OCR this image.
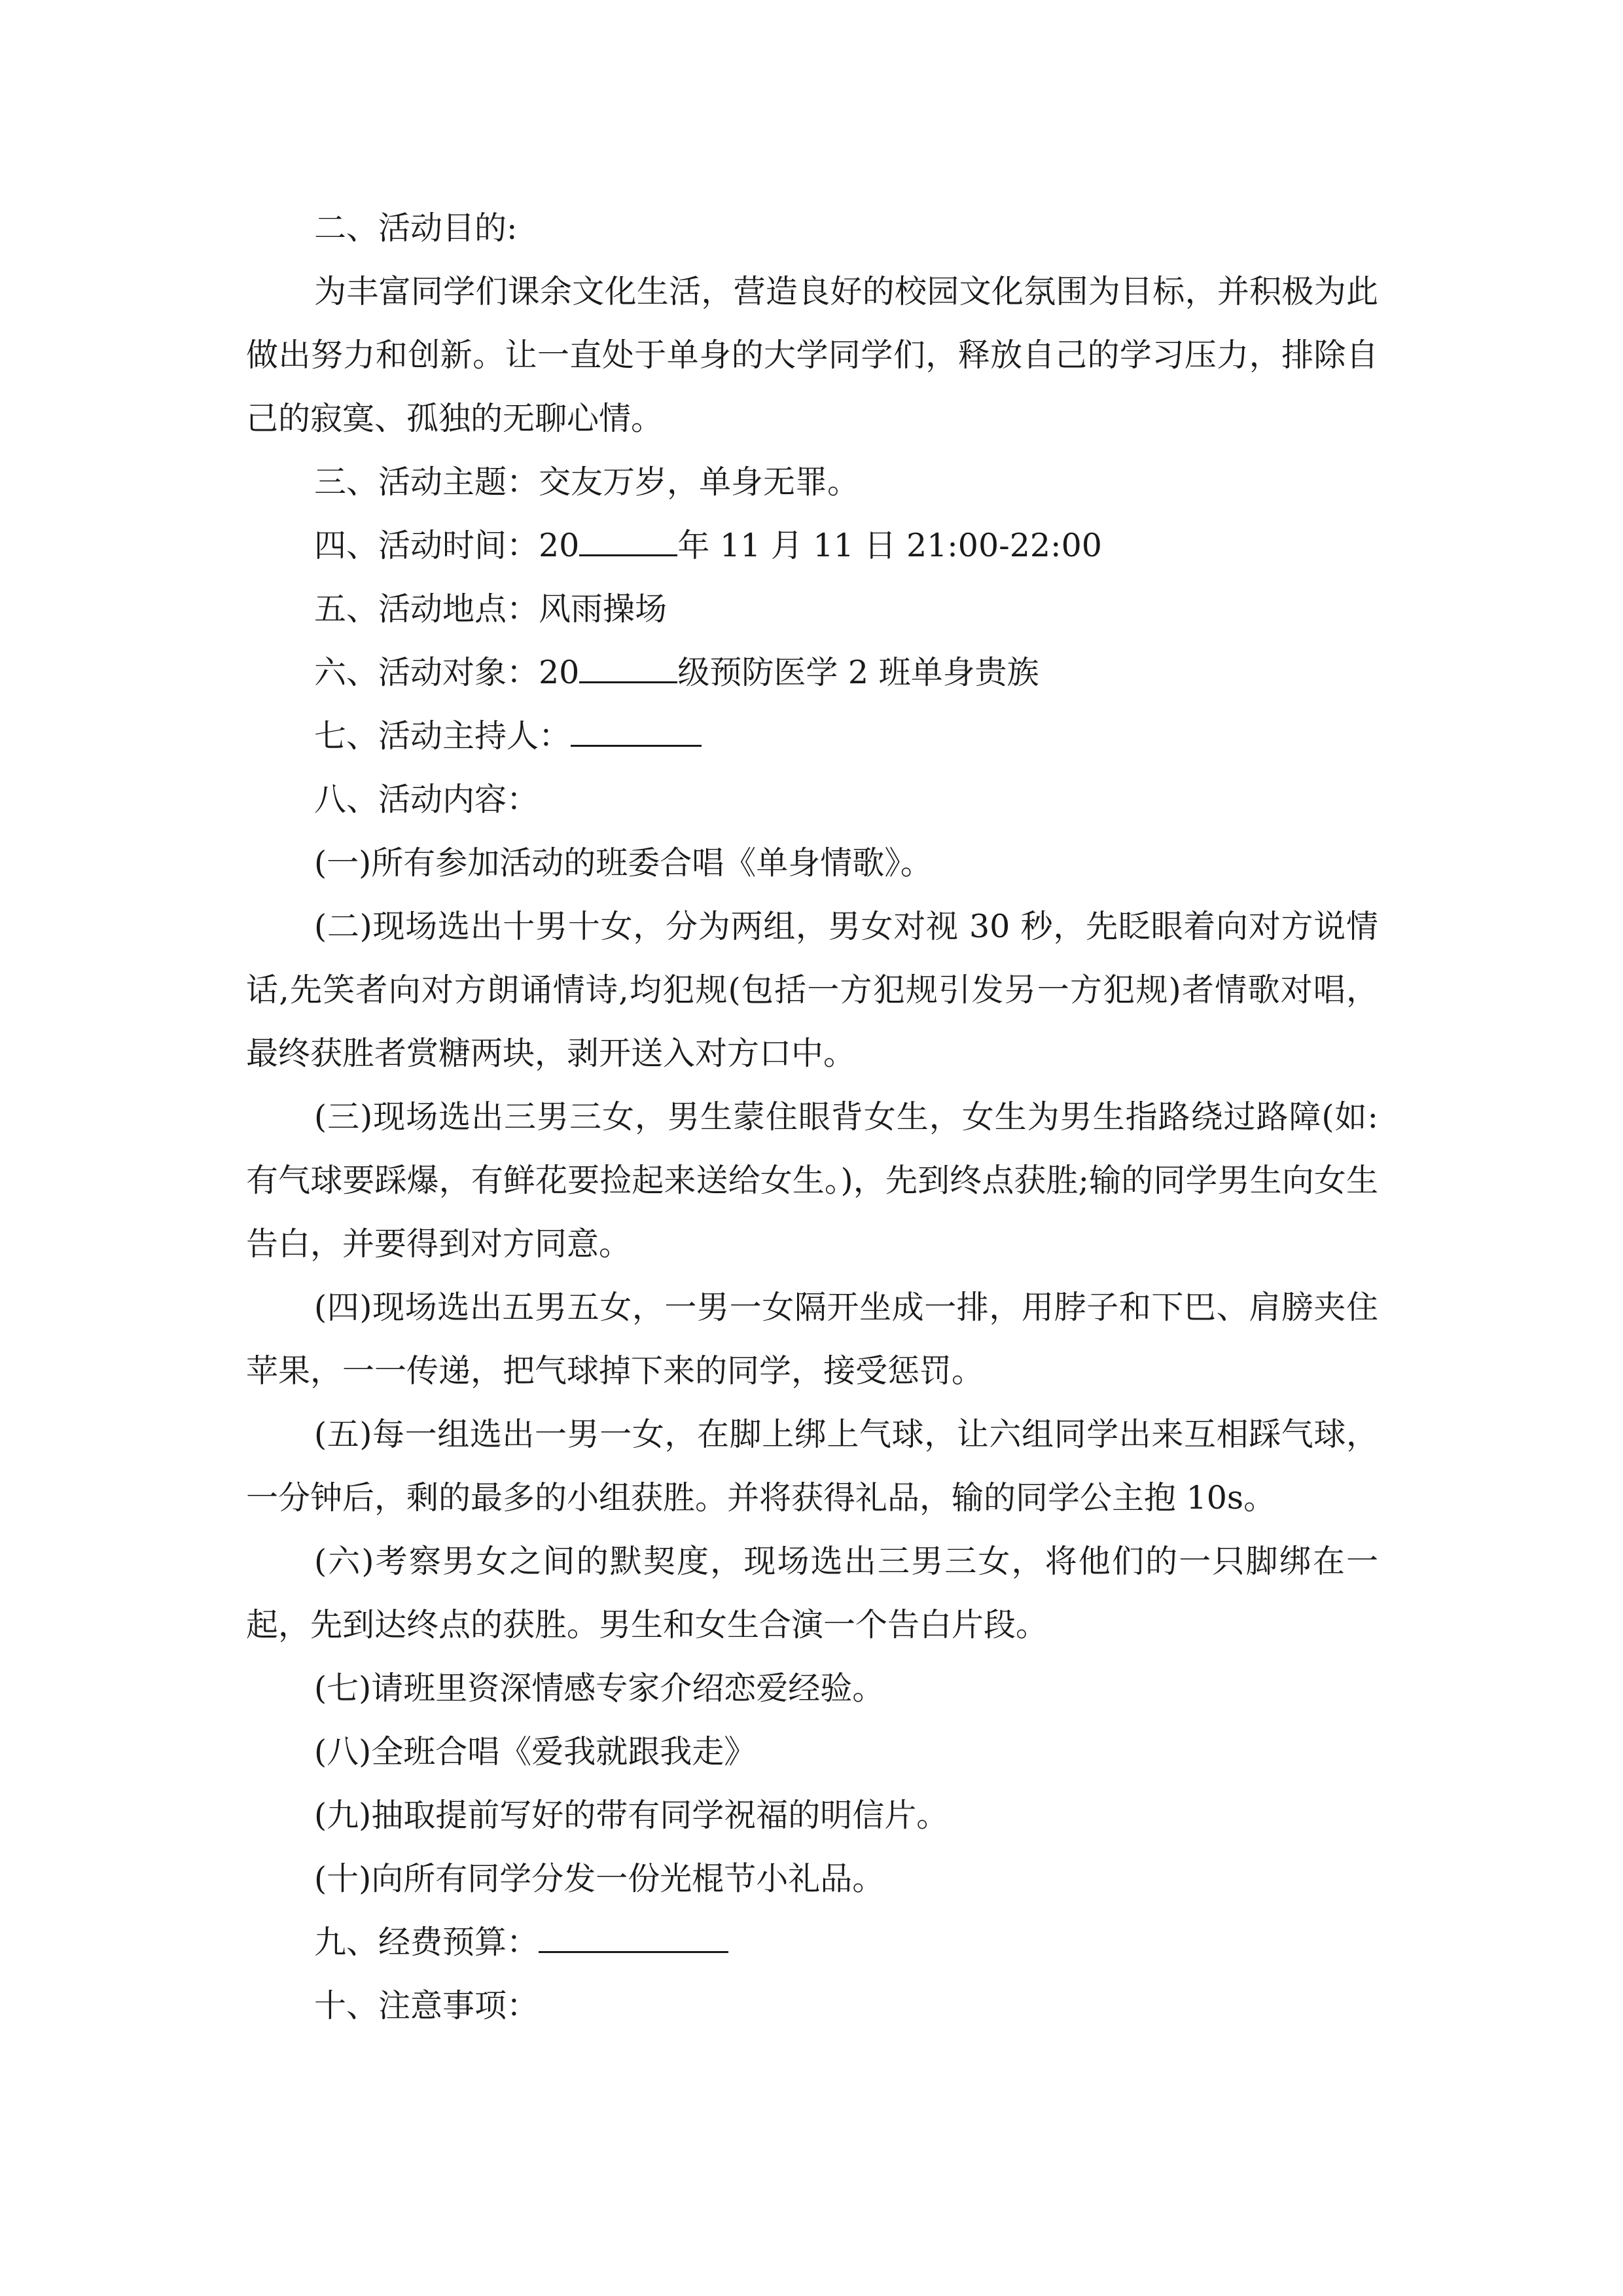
二、活动目的:

为丰富同学们课余文化生活，营造良好的校园文化氛围为目标，并积极为此做出努力和创新。让一直处于单身的大学同学们，释放自己的学习压力，排除自己的寂寞、孤独的无聊心情。

三、活动主题：交友万岁，单身无罪。

四、活动时间：20	年 11 月 11 日 21:00-22:00

五、活动地点：风雨操场

六、活动对象：20	级预防医学 2 班单身贵族

七、活动主持人：

八、活动内容：

(一)所有参加活动的班委合唱《单身情歌》。

(二)现场选出十男十女，分为两组，男女对视 30 秒，先眨眼着向对方说情话,先笑者向对方朗诵情诗,均犯规(包括一方犯规引发另一方犯规)者情歌对唱，最终获胜者赏糖两块，剥开送入对方口中。

(三)现场选出三男三女，男生蒙住眼背女生，女生为男生指路绕过路障(如:有气球要踩爆，有鲜花要捡起来送给女生。)，先到终点获胜;输的同学男生向女生告白，并要得到对方同意。

(四)现场选出五男五女，一男一女隔开坐成一排，用脖子和下巴、肩膀夹住苹果，一一传递，把气球掉下来的同学，接受惩罚。

(五)每一组选出一男一女，在脚上绑上气球，让六组同学出来互相踩气球，一分钟后，剩的最多的小组获胜。并将获得礼品，输的同学公主抱 10s。

(六)考察男女之间的默契度，现场选出三男三女，将他们的一只脚绑在一起，先到达终点的获胜。男生和女生合演一个告白片段。

(七)请班里资深情感专家介绍恋爱经验。

(八)全班合唱《爱我就跟我走》

(九)抽取提前写好的带有同学祝福的明信片。

(十)向所有同学分发一份光棍节小礼品。

九、经费预算：

十、注意事项：
